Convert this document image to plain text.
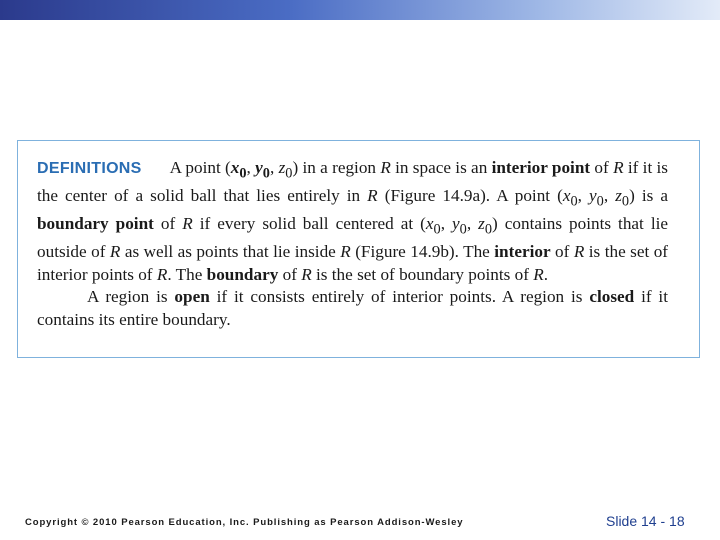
DEFINITIONS A point ($x_0$, $y_0$, $z_0$) in a region R in space is an interior point of R if it is the center of a solid ball that lies entirely in R (Figure 14.9a). A point ($x_0$, $y_0$, $z_0$) is a boundary point of R if every solid ball centered at ($x_0$, $y_0$, $z_0$) contains points that lie outside of R as well as points that lie inside R (Figure 14.9b). The interior of R is the set of interior points of R. The boundary of R is the set of boundary points of R.

A region is open if it consists entirely of interior points. A region is closed if it contains its entire boundary.

Copyright © 2010 Pearson Education, Inc. Publishing as Pearson Addison-Wesley	Slide 14 - 18
